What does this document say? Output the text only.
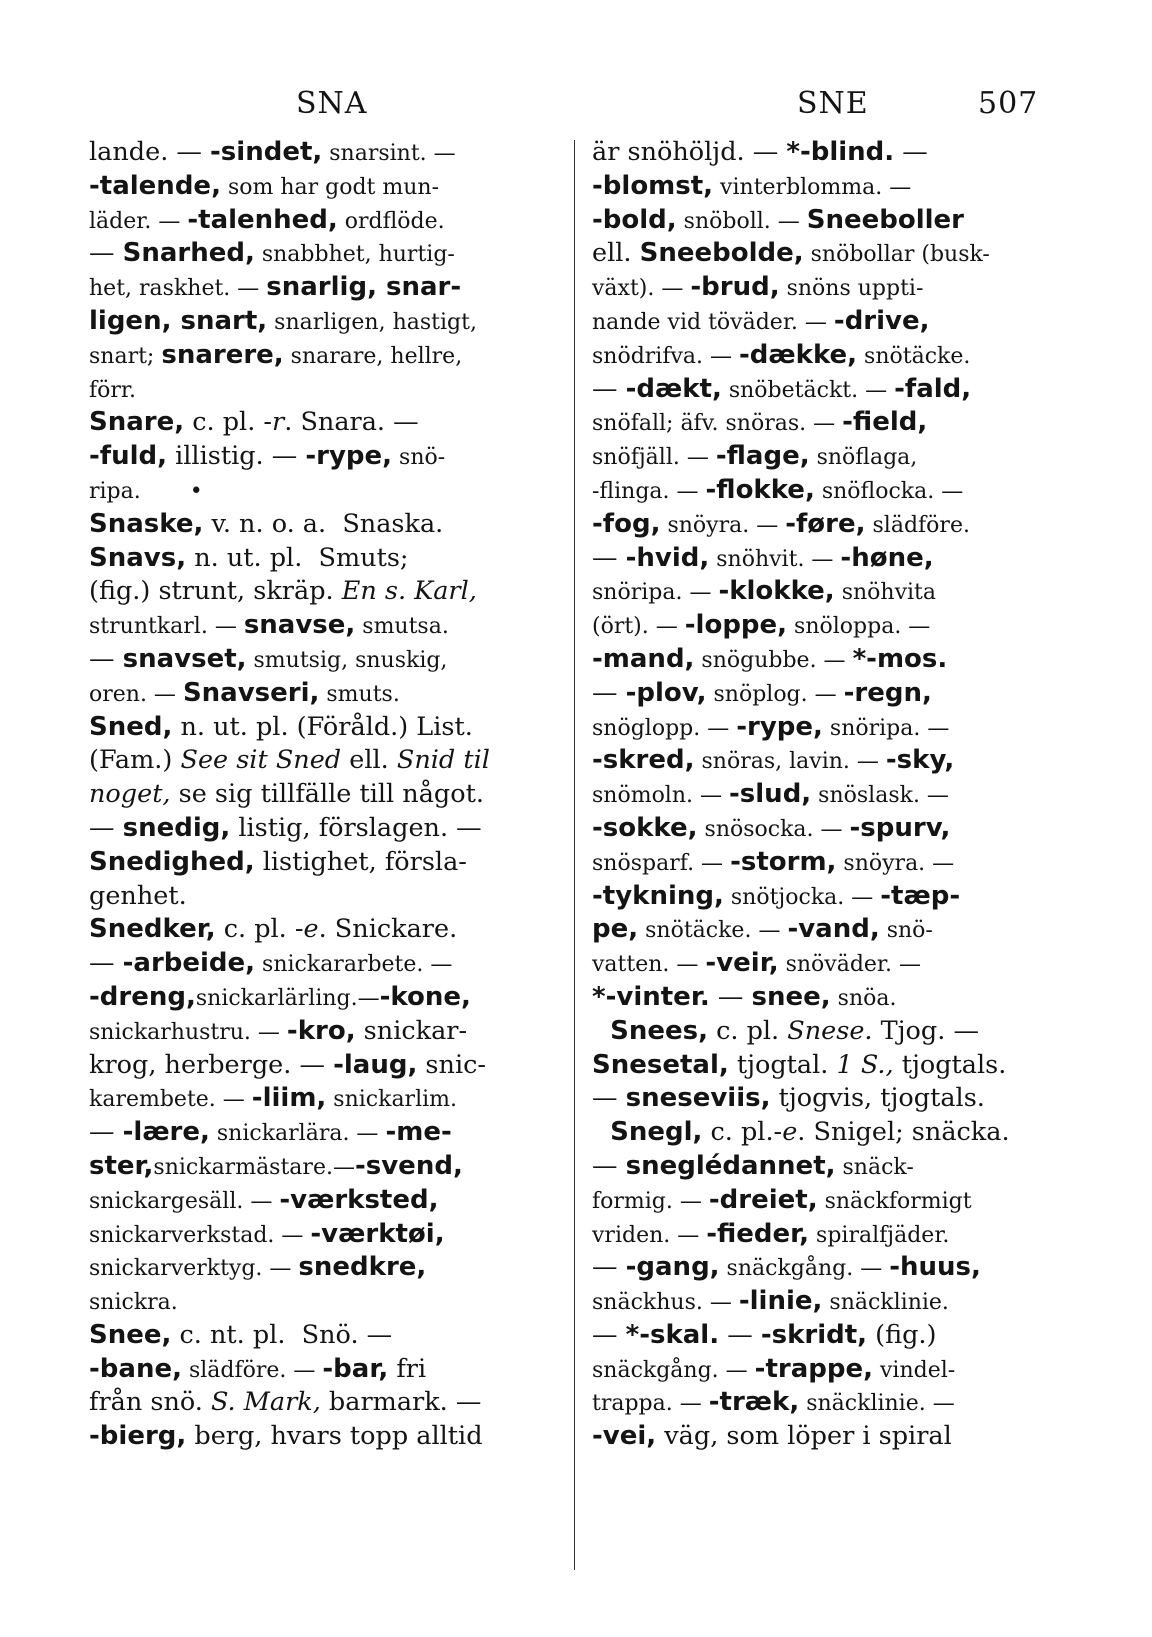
SNA	SNE	507
lande. — -sindet, snarsint. —
-talende, som har godt mun-
läder. — -talenhed, ordflöde.
— Snarhed, snabbhet, hurtig-
het, raskhet. — snarlig, snar-
ligen, snart, snarligen, hastigt,
snart; snarere, snarare, hellre,
förr.
Snare, c. pl. -r. Snara. —
-fuld, illistig. — -rype, snö-
ripa.       •
Snaske, v. n. o. a.  Snaska.
Snavs, n. ut. pl.  Smuts;
(fig.) strunt, skräp. En s. Karl,
struntkarl. — snavse, smutsa.
— snavset, smutsig, snuskig,
oren. — Snavseri, smuts.
Sned, n. ut. pl. (Föråld.) List.
(Fam.) See sit Sned ell. Snid til
noget, se sig tillfälle till något.
— snedig, listig, förslagen. —
Snedighed, listighet, försla-
genhet.
Snedker, c. pl. -e. Snickare.
— -arbeide, snickararbete. —
-dreng,snickarlärling.—-kone,
snickarhustru. — -kro, snickar-
krog, herberge. — -laug, snic-
karembete. — -liim, snickarlim.
— -lære, snickarlära. — -me-
ster,snickarmästare.—-svend,
snickargesäll. — -værksted,
snickarverkstad. — -værktøi,
snickarverktyg. — snedkre,
snickra.
Snee, c. nt. pl.  Snö. —
-bane, slädföre. — -bar, fri
från snö. S. Mark, barmark. —
-bierg, berg, hvars topp alltid
är snöhöljd. — *-blind. —
-blomst, vinterblomma. —
-bold, snöboll. — Sneeboller
ell. Sneebolde, snöbollar (busk-
växt). — -brud, snöns uppti-
nande vid töväder. — -drive,
snödrifva. — -dække, snötäcke.
— -dækt, snöbetäckt. — -fald,
snöfall; äfv. snöras. — -field,
snöfjäll. — -flage, snöflaga,
-flinga. — -flokke, snöflocka. —
-fog, snöyra. — -føre, slädföre.
— -hvid, snöhvit. — -høne,
snöripa. — -klokke, snöhvita
(ört). — -loppe, snöloppa. —
-mand, snögubbe. — *-mos.
— -plov, snöplog. — -regn,
snöglopp. — -rype, snöripa. —
-skred, snöras, lavin. — -sky,
snömoln. — -slud, snöslask. —
-sokke, snösocka. — -spurv,
snösparf. — -storm, snöyra. —
-tykning, snötjocka. — -tæp-
pe, snötäcke. — -vand, snö-
vatten. — -veir, snöväder. —
*-vinter. — snee, snöa.
Snees, c. pl. Snese. Tjog. —
Snesetal, tjogtal. 1 S., tjogtals.
— sneseviis, tjogvis, tjogtals.
Snegl, c. pl.-e. Snigel; snäcka.
— sneglédannet, snäck-
formig. — -dreiet, snäckformigt
vriden. — -fieder, spiralfjäder.
— -gang, snäckgång. — -huus,
snäckhus. — -linie, snäcklinie.
— *-skal. — -skridt, (fig.)
snäckgång. — -trappe, vindel-
trappa. — -træk, snäcklinie. —
-vei, väg, som löper i spiral
